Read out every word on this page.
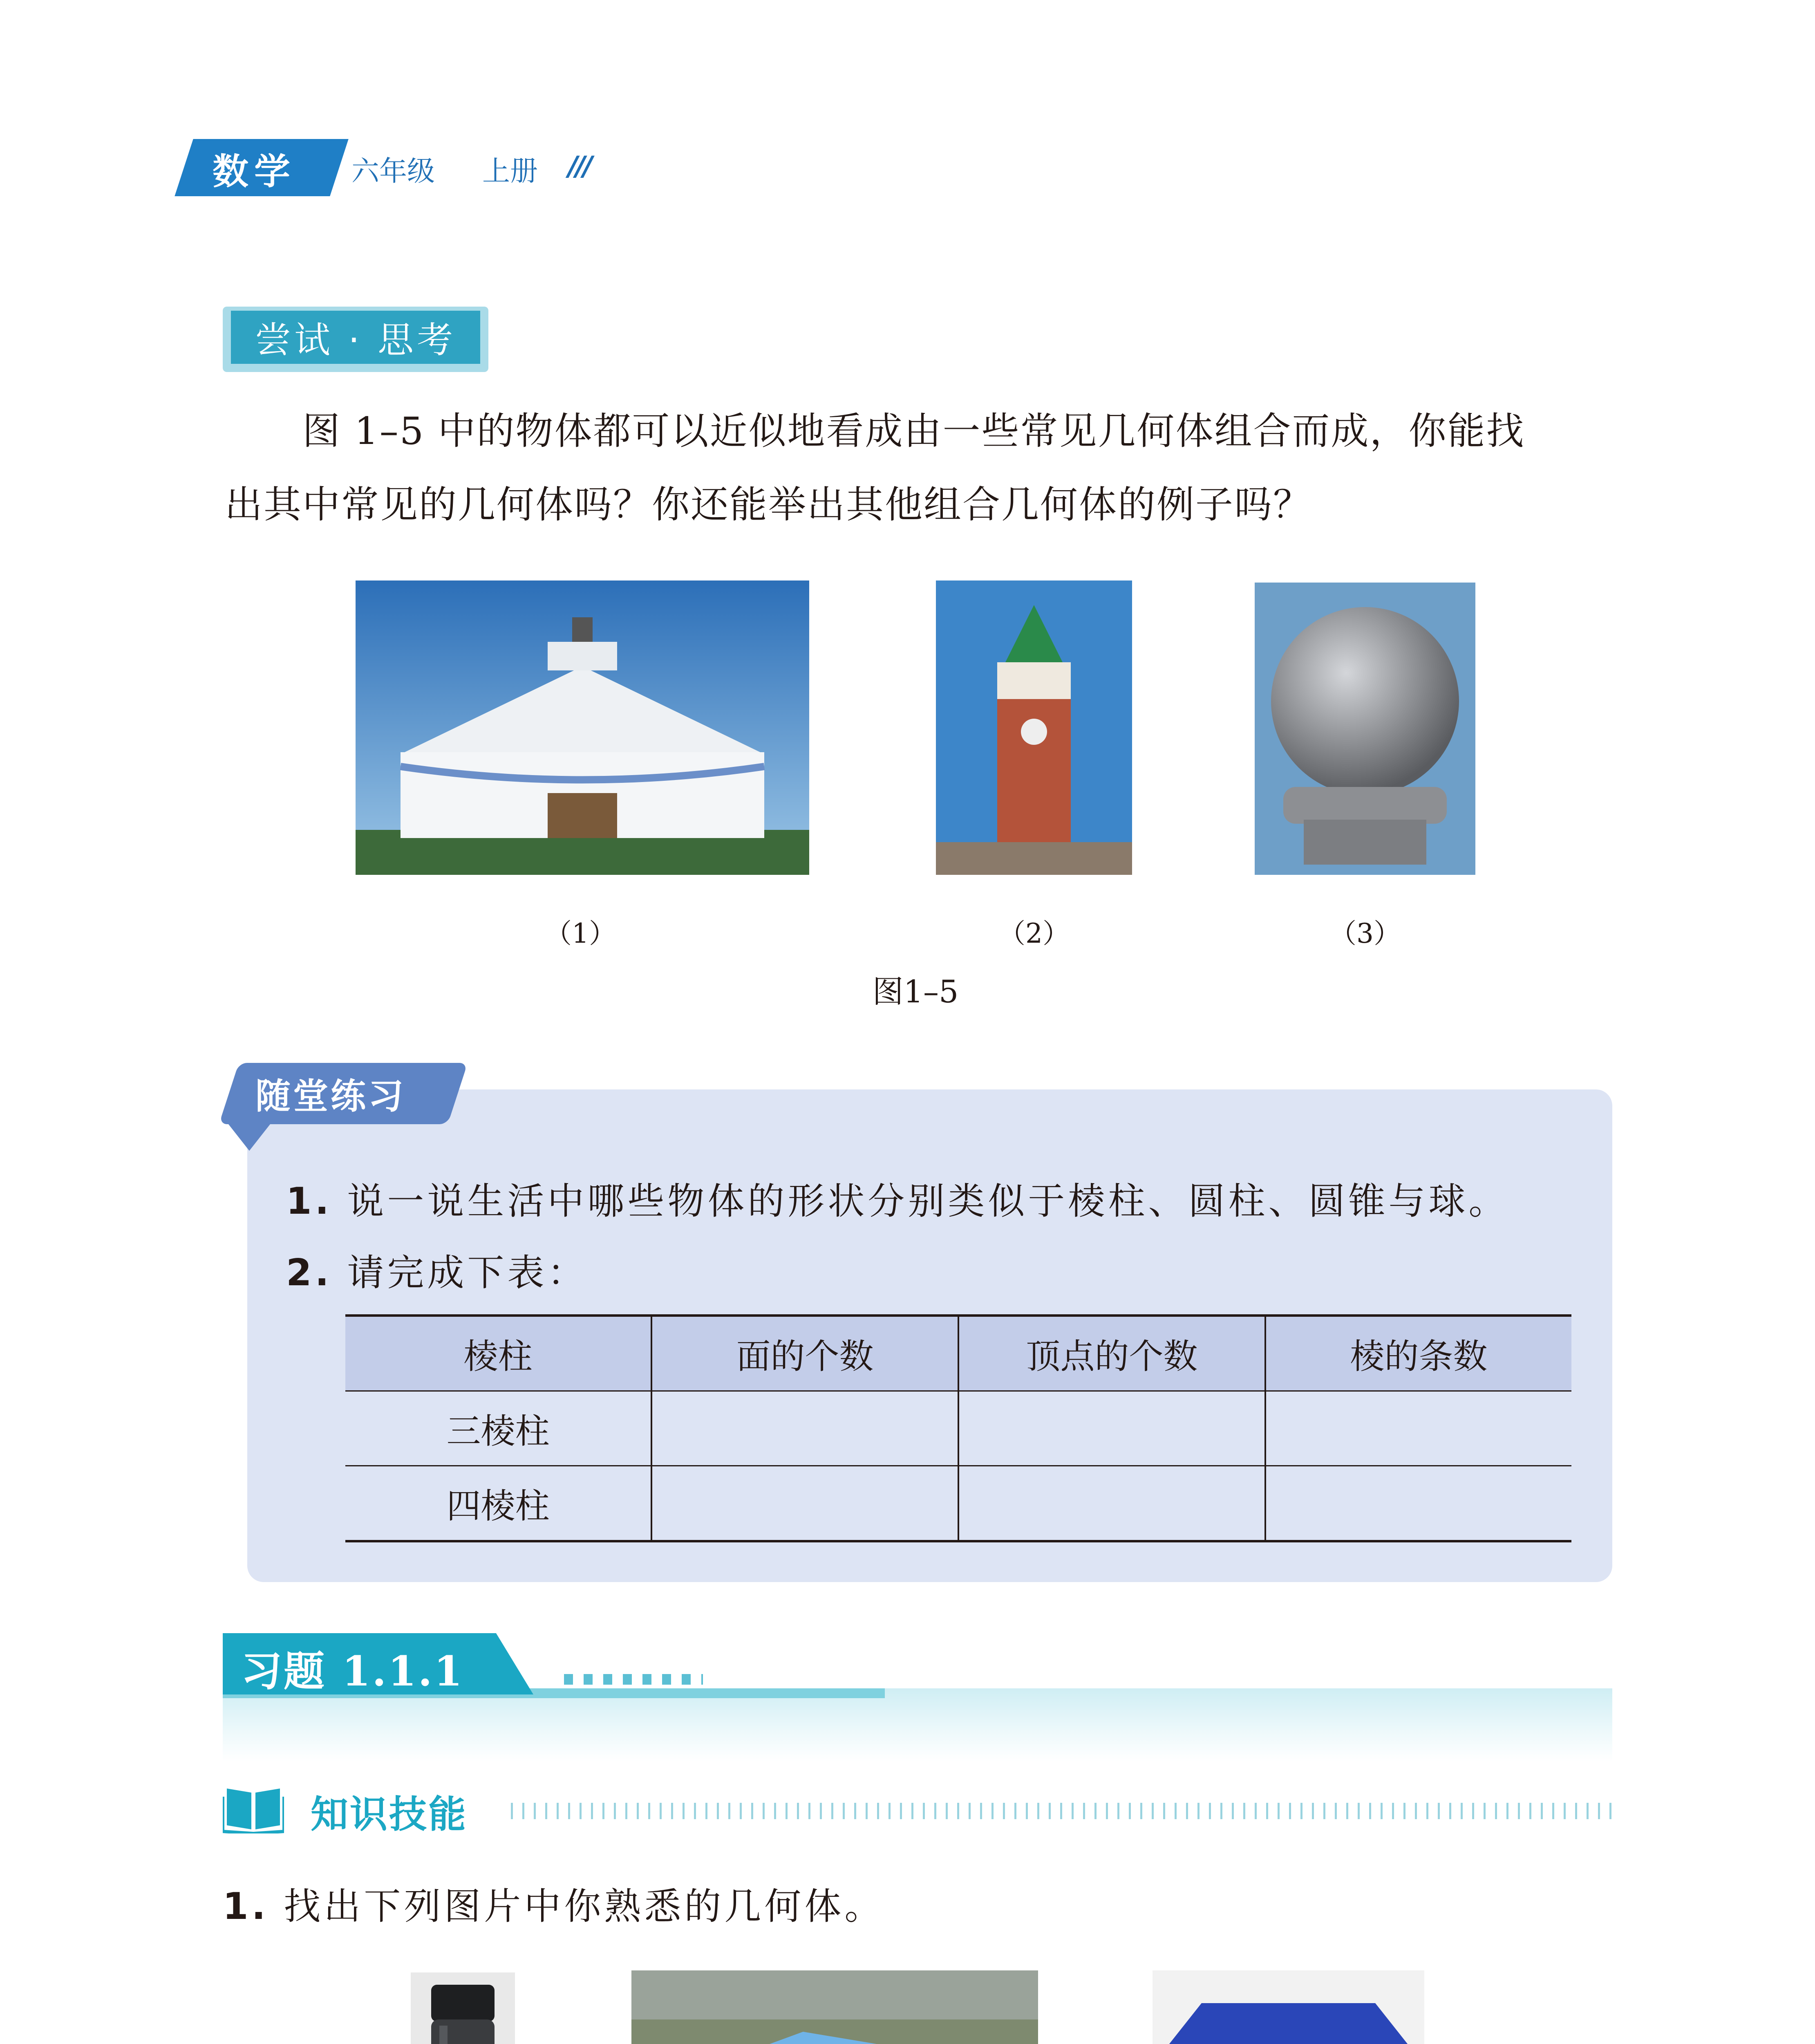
数学 六年级 上册 ///
尝试 · 思考
图 1–5 中的物体都可以近似地看成由一些常见几何体组合而成，你能找
出其中常见的几何体吗？你还能举出其他组合几何体的例子吗？
（1）	（2）	（3）
图1–5
随堂练习
1. 说一说生活中哪些物体的形状分别类似于棱柱、圆柱、圆锥与球。
2. 请完成下表：
棱柱	面的个数	顶点的个数	棱的条数
三棱柱			
四棱柱			
习题 1.1.1
知识技能
1. 找出下列图片中你熟悉的几何体。
